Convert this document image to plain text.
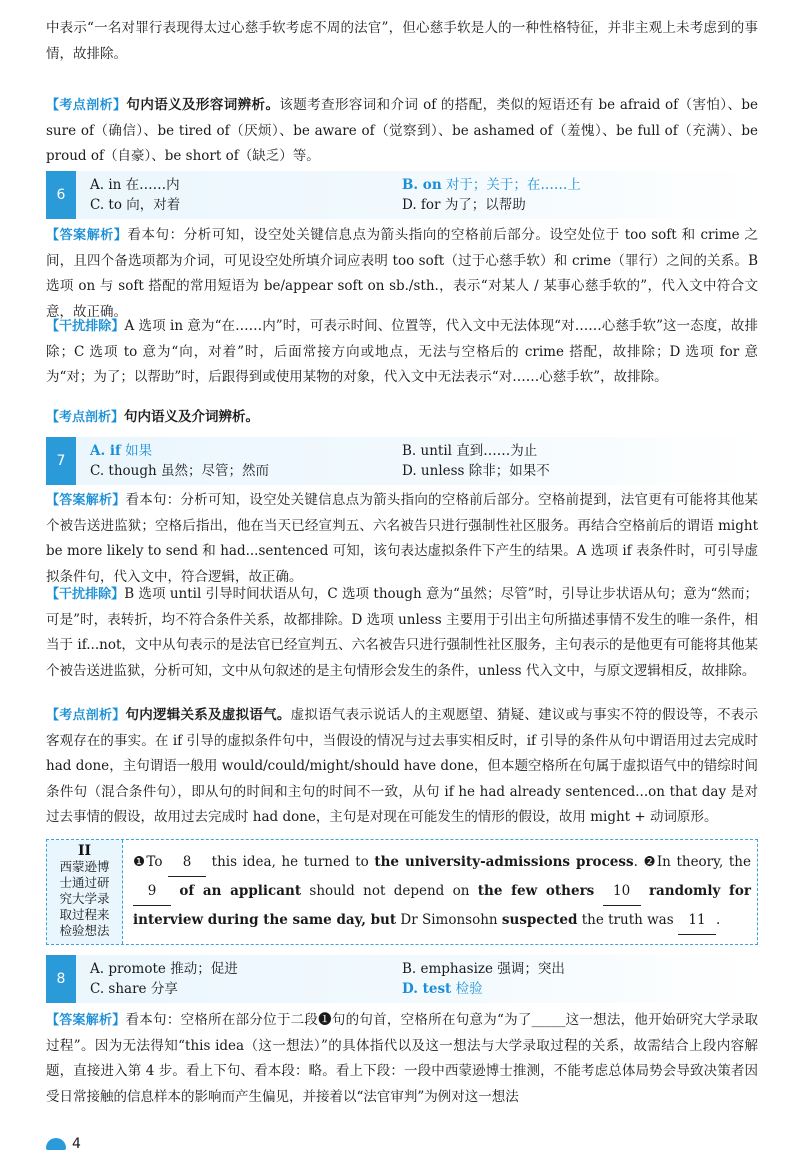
中表示“一名对罪行表现得太过心慈手软考虑不周的法官”，但心慈手软是人的一种性格特征，并非主观上未考虑到的事情，故排除。

【考点剖析】句内语义及形容词辨析。该题考查形容词和介词 of 的搭配，类似的短语还有 be afraid of（害怕）、be sure of（确信）、be tired of（厌烦）、be aware of（觉察到）、be ashamed of（羞愧）、be full of（充满）、be proud of（自豪）、be short of（缺乏）等。

6
A. in 在……内	B. on 对于；关于；在……上
C. to 向，对着	D. for 为了；以帮助

【答案解析】看本句：分析可知，设空处关键信息点为箭头指向的空格前后部分。设空处位于 too soft 和 crime 之间，且四个备选项都为介词，可见设空处所填介词应表明 too soft（过于心慈手软）和 crime（罪行）之间的关系。B 选项 on 与 soft 搭配的常用短语为 be/appear soft on sb./sth.，表示“对某人 / 某事心慈手软的”，代入文中符合文意，故正确。

【干扰排除】A 选项 in 意为“在……内”时，可表示时间、位置等，代入文中无法体现“对……心慈手软”这一态度，故排除；C 选项 to 意为“向，对着”时，后面常接方向或地点，无法与空格后的 crime 搭配，故排除；D 选项 for 意为“对；为了；以帮助”时，后跟得到或使用某物的对象，代入文中无法表示“对……心慈手软”，故排除。

【考点剖析】句内语义及介词辨析。

7
A. if 如果	B. until 直到……为止
C. though 虽然；尽管；然而	D. unless 除非；如果不

【答案解析】看本句：分析可知，设空处关键信息点为箭头指向的空格前后部分。空格前提到，法官更有可能将其他某个被告送进监狱；空格后指出，他在当天已经宣判五、六名被告只进行强制性社区服务。再结合空格前后的谓语 might be more likely to send 和 had...sentenced 可知，该句表达虚拟条件下产生的结果。A 选项 if 表条件时，可引导虚拟条件句，代入文中，符合逻辑，故正确。

【干扰排除】B 选项 until 引导时间状语从句，C 选项 though 意为“虽然；尽管”时，引导让步状语从句；意为“然而；可是”时，表转折，均不符合条件关系，故都排除。D 选项 unless 主要用于引出主句所描述事情不发生的唯一条件，相当于 if...not，文中从句表示的是法官已经宣判五、六名被告只进行强制性社区服务，主句表示的是他更有可能将其他某个被告送进监狱，分析可知，文中从句叙述的是主句情形会发生的条件，unless 代入文中，与原文逻辑相反，故排除。

【考点剖析】句内逻辑关系及虚拟语气。虚拟语气表示说话人的主观愿望、猜疑、建议或与事实不符的假设等，不表示客观存在的事实。在 if 引导的虚拟条件句中，当假设的情况与过去事实相反时，if 引导的条件从句中谓语用过去完成时 had done，主句谓语一般用 would/could/might/should have done，但本题空格所在句属于虚拟语气中的错综时间条件句（混合条件句），即从句的时间和主句的时间不一致，从句 if he had already sentenced...on that day 是对过去事情的假设，故用过去完成时 had done，主句是对现在可能发生的情形的假设，故用 might + 动词原形。

II
西蒙逊博
士通过研
究大学录
取过程来
检验想法
❶To 8 this idea, he turned to the university-admissions process. ❷In theory, the 9 of an applicant should not depend on the few others 10 randomly for interview during the same day, but Dr Simonsohn suspected the truth was 11 .
8
A. promote 推动；促进	B. emphasize 强调；突出
C. share 分享	D. test 检验

【答案解析】看本句：空格所在部分位于二段❶句的句首，空格所在句意为“为了_____这一想法，他开始研究大学录取过程”。因为无法得知“this idea（这一想法）”的具体指代以及这一想法与大学录取过程的关系，故需结合上段内容解题，直接进入第 4 步。看上下句、看本段：略。看上下段：一段中西蒙逊博士推测，不能考虑总体局势会导致决策者因受日常接触的信息样本的影响而产生偏见，并接着以“法官审判”为例对这一想法

4
